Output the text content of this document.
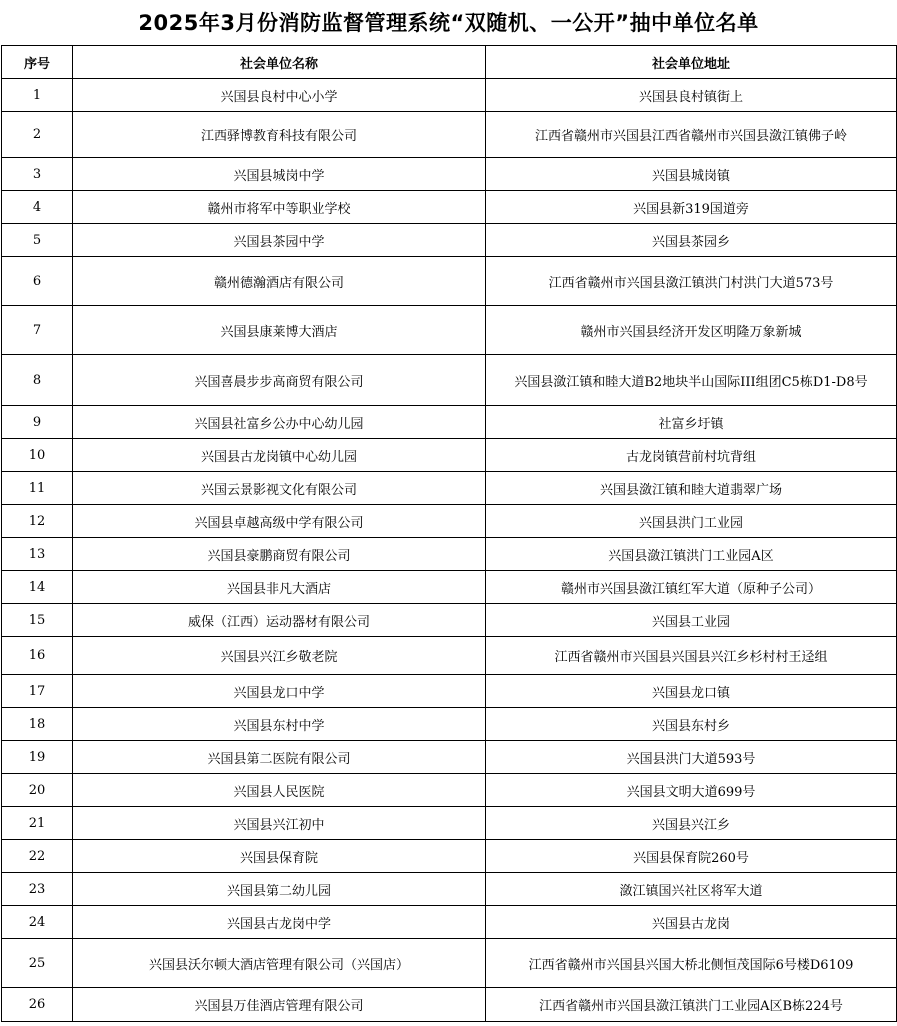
2025年3月份消防监督管理系统“双随机、一公开”抽中单位名单
序号	社会单位名称	社会单位地址
1	兴国县良村中心小学	兴国县良村镇街上
2	江西驿博教育科技有限公司	江西省赣州市兴国县江西省赣州市兴国县潋江镇佛子岭
3	兴国县城岗中学	兴国县城岗镇
4	赣州市将军中等职业学校	兴国县新319国道旁
5	兴国县茶园中学	兴国县茶园乡
6	赣州德瀚酒店有限公司	江西省赣州市兴国县潋江镇洪门村洪门大道573号
7	兴国县康莱博大酒店	赣州市兴国县经济开发区明隆万象新城
8	兴国喜晨步步高商贸有限公司	兴国县潋江镇和睦大道B2地块半山国际III组团C5栋D1-D8号
9	兴国县社富乡公办中心幼儿园	社富乡圩镇
10	兴国县古龙岗镇中心幼儿园	古龙岗镇营前村坑背组
11	兴国云景影视文化有限公司	兴国县潋江镇和睦大道翡翠广场
12	兴国县卓越高级中学有限公司	兴国县洪门工业园
13	兴国县豪鹏商贸有限公司	兴国县潋江镇洪门工业园A区
14	兴国县非凡大酒店	赣州市兴国县潋江镇红军大道（原种子公司）
15	威保（江西）运动器材有限公司	兴国县工业园
16	兴国县兴江乡敬老院	江西省赣州市兴国县兴国县兴江乡杉村村王迳组
17	兴国县龙口中学	兴国县龙口镇
18	兴国县东村中学	兴国县东村乡
19	兴国县第二医院有限公司	兴国县洪门大道593号
20	兴国县人民医院	兴国县文明大道699号
21	兴国县兴江初中	兴国县兴江乡
22	兴国县保育院	兴国县保育院260号
23	兴国县第二幼儿园	潋江镇国兴社区将军大道
24	兴国县古龙岗中学	兴国县古龙岗
25	兴国县沃尔顿大酒店管理有限公司（兴国店）	江西省赣州市兴国县兴国大桥北侧恒茂国际6号楼D6109
26	兴国县万佳酒店管理有限公司	江西省赣州市兴国县潋江镇洪门工业园A区B栋224号
